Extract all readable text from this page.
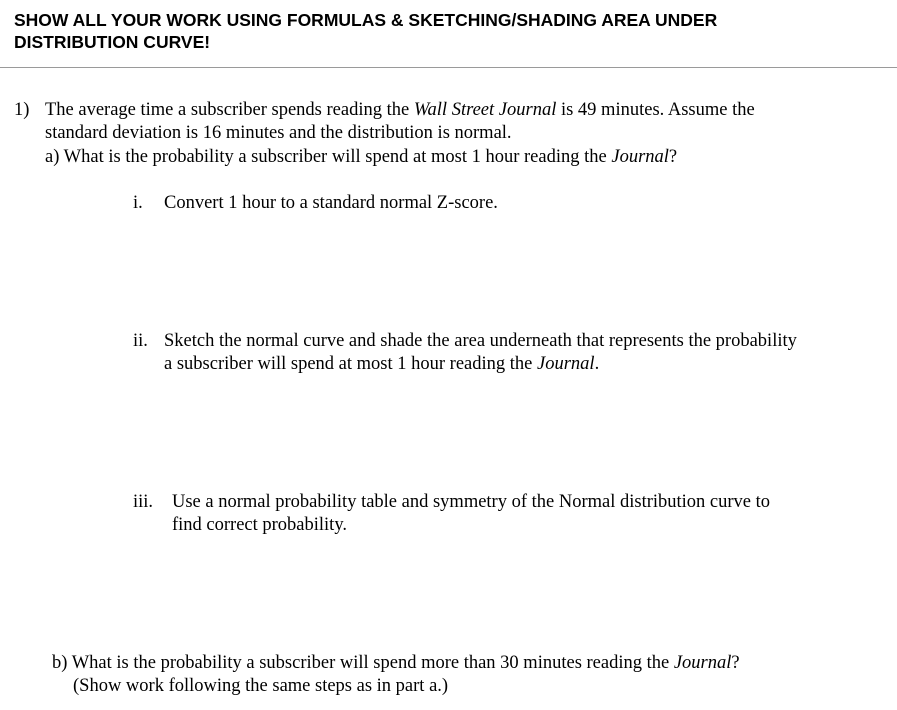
SHOW ALL YOUR WORK USING FORMULAS & SKETCHING/SHADING AREA UNDER
DISTRIBUTION CURVE!
1) The average time a subscriber spends reading the Wall Street Journal is 49 minutes. Assume the
standard deviation is 16 minutes and the distribution is normal.
a) What is the probability a subscriber will spend at most 1 hour reading the Journal?
i. Convert 1 hour to a standard normal Z-score.
ii. Sketch the normal curve and shade the area underneath that represents the probability
a subscriber will spend at most 1 hour reading the Journal.
iii. Use a normal probability table and symmetry of the Normal distribution curve to
find correct probability.
b) What is the probability a subscriber will spend more than 30 minutes reading the Journal?
(Show work following the same steps as in part a.)
